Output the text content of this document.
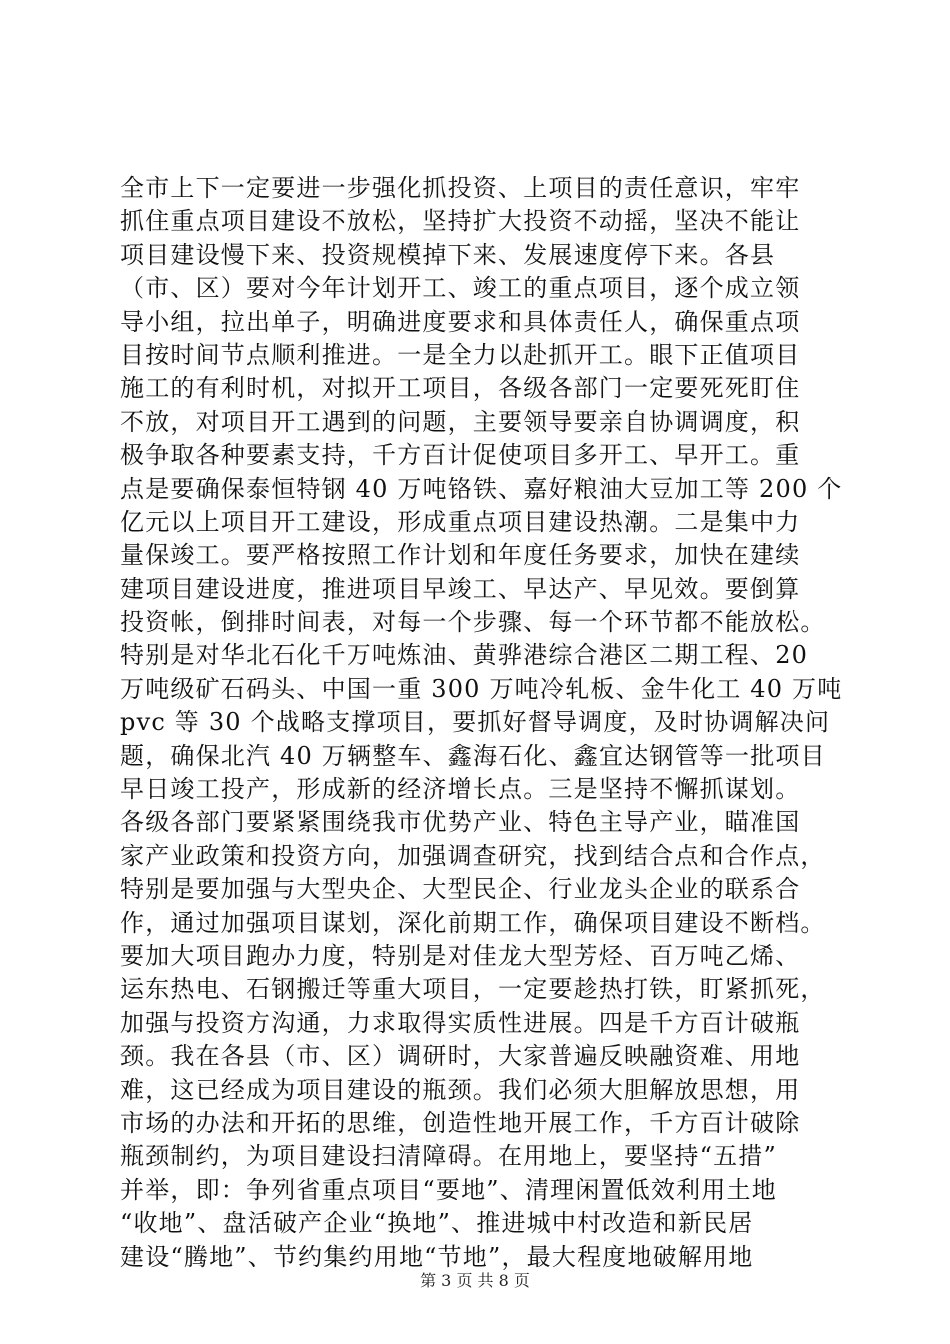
全市上下一定要进一步强化抓投资、上项目的责任意识，牢牢
抓住重点项目建设不放松，坚持扩大投资不动摇，坚决不能让
项目建设慢下来、投资规模掉下来、发展速度停下来。各县
（市、区）要对今年计划开工、竣工的重点项目，逐个成立领
导小组，拉出单子，明确进度要求和具体责任人，确保重点项
目按时间节点顺利推进。一是全力以赴抓开工。眼下正值项目
施工的有利时机，对拟开工项目，各级各部门一定要死死盯住
不放，对项目开工遇到的问题，主要领导要亲自协调调度，积
极争取各种要素支持，千方百计促使项目多开工、早开工。重
点是要确保泰恒特钢 40 万吨铬铁、嘉好粮油大豆加工等 200 个
亿元以上项目开工建设，形成重点项目建设热潮。二是集中力
量保竣工。要严格按照工作计划和年度任务要求，加快在建续
建项目建设进度，推进项目早竣工、早达产、早见效。要倒算
投资帐，倒排时间表，对每一个步骤、每一个环节都不能放松。
特别是对华北石化千万吨炼油、黄骅港综合港区二期工程、20
万吨级矿石码头、中国一重 300 万吨冷轧板、金牛化工 40 万吨
pvc 等 30 个战略支撑项目，要抓好督导调度，及时协调解决问
题，确保北汽 40 万辆整车、鑫海石化、鑫宜达钢管等一批项目
早日竣工投产，形成新的经济增长点。三是坚持不懈抓谋划。
各级各部门要紧紧围绕我市优势产业、特色主导产业，瞄准国
家产业政策和投资方向，加强调查研究，找到结合点和合作点，
特别是要加强与大型央企、大型民企、行业龙头企业的联系合
作，通过加强项目谋划，深化前期工作，确保项目建设不断档。
要加大项目跑办力度，特别是对佳龙大型芳烃、百万吨乙烯、
运东热电、石钢搬迁等重大项目，一定要趁热打铁，盯紧抓死，
加强与投资方沟通，力求取得实质性进展。四是千方百计破瓶
颈。我在各县（市、区）调研时，大家普遍反映融资难、用地
难，这已经成为项目建设的瓶颈。我们必须大胆解放思想，用
市场的办法和开拓的思维，创造性地开展工作，千方百计破除
瓶颈制约，为项目建设扫清障碍。在用地上，要坚持“五措”
并举，即：争列省重点项目“要地”、清理闲置低效利用土地
“收地”、盘活破产企业“换地”、推进城中村改造和新民居
建设“腾地”、节约集约用地“节地”，最大程度地破解用地
第 3 页 共 8 页
